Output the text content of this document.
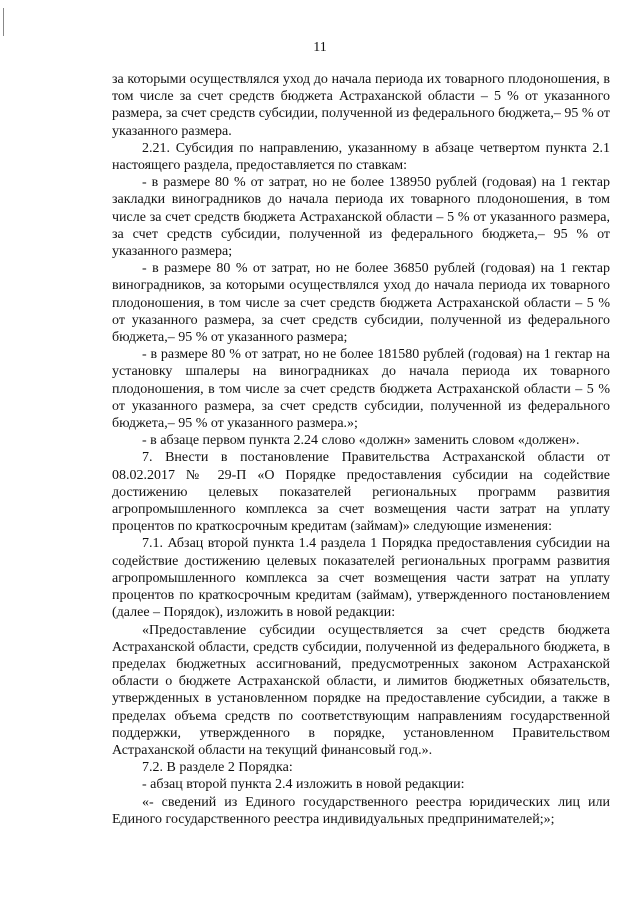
11

за которыми осуществлялся уход до начала периода их товарного плодоношения, в том числе за счет средств бюджета Астраханской области – 5 % от указанного размера, за счет средств субсидии, полученной из федерального бюджета,– 95 % от указанного размера.

2.21. Субсидия по направлению, указанному в абзаце четвертом пункта 2.1 настоящего раздела, предоставляется по ставкам:

- в размере 80 % от затрат, но не более 138950 рублей (годовая) на 1 гектар закладки виноградников до начала периода их товарного плодоношения, в том числе за счет средств бюджета Астраханской области – 5 % от указанного размера, за счет средств субсидии, полученной из федерального бюджета,– 95 % от указанного размера;

- в размере 80 % от затрат, но не более 36850 рублей (годовая) на 1 гектар виноградников, за которыми осуществлялся уход до начала периода их товарного плодоношения, в том числе за счет средств бюджета Астраханской области – 5 % от указанного размера, за счет средств субсидии, полученной из федерального бюджета,– 95 % от указанного размера;

- в размере 80 % от затрат, но не более 181580 рублей (годовая) на 1 гектар на установку шпалеры на виноградниках до начала периода их товарного плодоношения, в том числе за счет средств бюджета Астраханской области – 5 % от указанного размера, за счет средств субсидии, полученной из федерального бюджета,– 95 % от указанного размера.»;

- в абзаце первом пункта 2.24 слово «должн» заменить словом «должен».

7. Внести в постановление Правительства Астраханской области от 08.02.2017 № 29-П «О Порядке предоставления субсидии на содействие достижению целевых показателей региональных программ развития агропромышленного комплекса за счет возмещения части затрат на уплату процентов по краткосрочным кредитам (займам)» следующие изменения:

7.1. Абзац второй пункта 1.4 раздела 1 Порядка предоставления субсидии на содействие достижению целевых показателей региональных программ развития агропромышленного комплекса за счет возмещения части затрат на уплату процентов по краткосрочным кредитам (займам), утвержденного постановлением (далее – Порядок), изложить в новой редакции:

«Предоставление субсидии осуществляется за счет средств бюджета Астраханской области, средств субсидии, полученной из федерального бюджета, в пределах бюджетных ассигнований, предусмотренных законом Астраханской области о бюджете Астраханской области, и лимитов бюджетных обязательств, утвержденных в установленном порядке на предоставление субсидии, а также в пределах объема средств по соответствующим направлениям государственной поддержки, утвержденного в порядке, установленном Правительством Астраханской области на текущий финансовый год.».

7.2. В разделе 2 Порядка:

- абзац второй пункта 2.4 изложить в новой редакции:

«- сведений из Единого государственного реестра юридических лиц или Единого государственного реестра индивидуальных предпринимателей;»;
